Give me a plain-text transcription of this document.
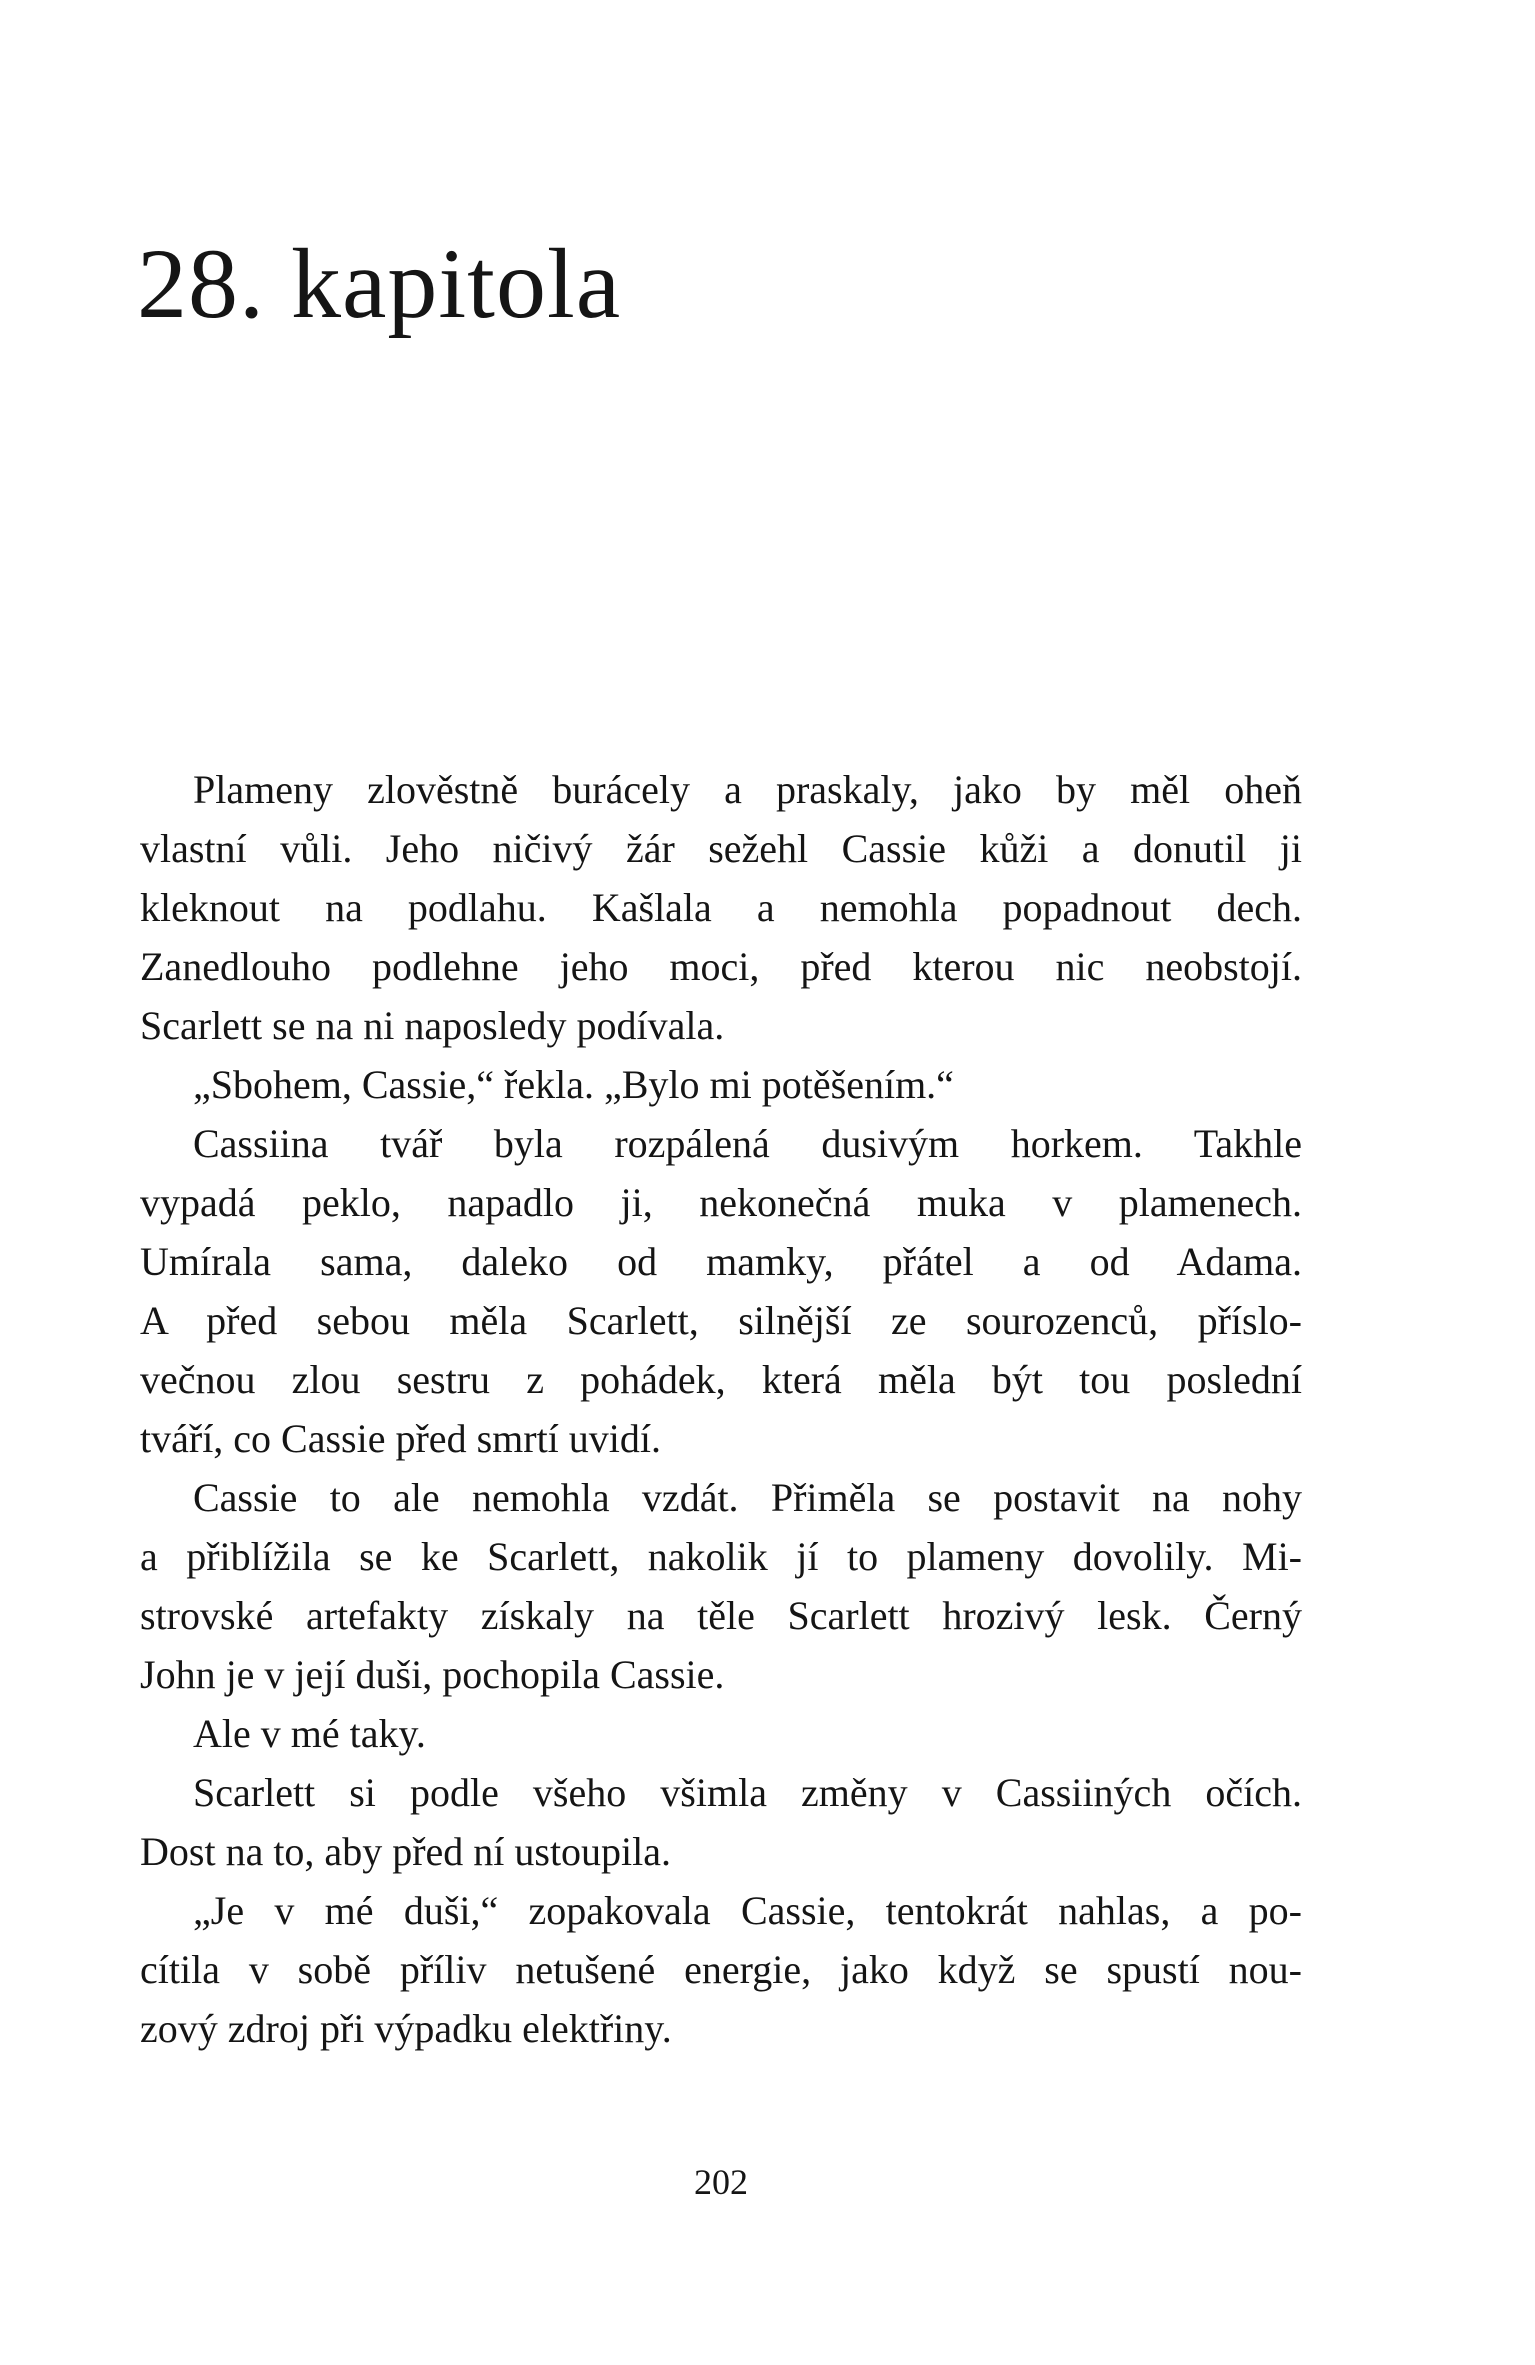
28. kapitola
Plameny zlověstně burácely a praskaly, jako by měl oheň
vlastní vůli. Jeho ničivý žár sežehl Cassie kůži a donutil ji
kleknout na podlahu. Kašlala a nemohla popadnout dech.
Zanedlouho podlehne jeho moci, před kterou nic neobstojí.
Scarlett se na ni naposledy podívala.
„Sbohem, Cassie,“ řekla. „Bylo mi potěšením.“
Cassiina tvář byla rozpálená dusivým horkem. Takhle
vypadá peklo, napadlo ji, nekonečná muka v plamenech.
Umírala sama, daleko od mamky, přátel a od Adama.
A před sebou měla Scarlett, silnější ze sourozenců, příslo-
večnou zlou sestru z pohádek, která měla být tou poslední
tváří, co Cassie před smrtí uvidí.
Cassie to ale nemohla vzdát. Přiměla se postavit na nohy
a přiblížila se ke Scarlett, nakolik jí to plameny dovolily. Mi-
strovské artefakty získaly na těle Scarlett hrozivý lesk. Černý
John je v její duši, pochopila Cassie.
Ale v mé taky.
Scarlett si podle všeho všimla změny v Cassiiných očích.
Dost na to, aby před ní ustoupila.
„Je v mé duši,“ zopakovala Cassie, tentokrát nahlas, a po-
cítila v sobě příliv netušené energie, jako když se spustí nou-
zový zdroj při výpadku elektřiny.
202
